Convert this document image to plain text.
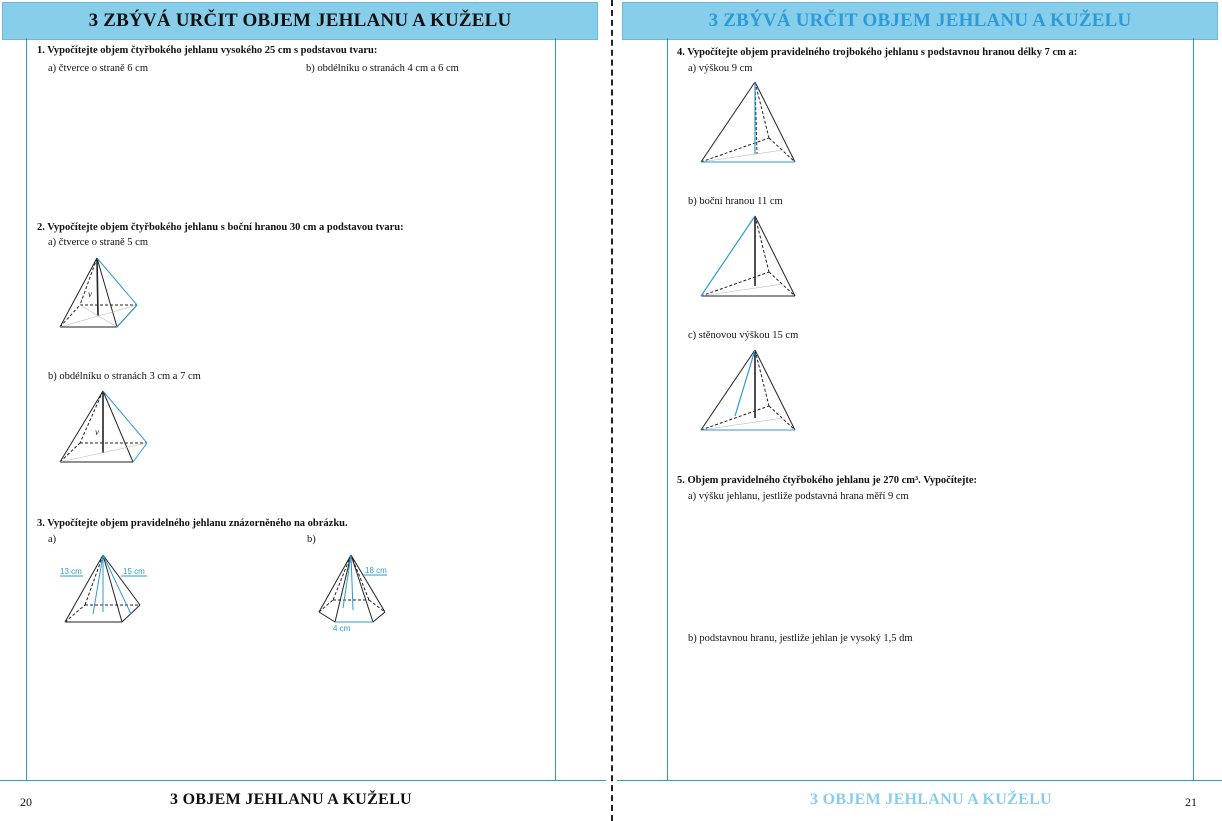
3 ZBÝVÁ URČIT OBJEM JEHLANU A KUŽELU
1. Vypočítejte objem čtyřbokého jehlanu vysokého 25 cm s podstavou tvaru:
a) čtverce o straně 6 cm	b) obdélníku o stranách 4 cm a 6 cm
2. Vypočítejte objem čtyřbokého jehlanu s boční hranou 30 cm a podstavou tvaru:
a) čtverce o straně 5 cm
v
b) obdélníku o stranách 3 cm a 7 cm
v
3. Vypočítejte objem pravidelného jehlanu znázorněného na obrázku.
a)	b)
13 cm	15 cm	18 cm
4 cm
20	3 OBJEM JEHLANU A KUŽELU
3 ZBÝVÁ URČIT OBJEM JEHLANU A KUŽELU
4. Vypočítejte objem pravidelného trojbokého jehlanu s podstavnou hranou délky 7 cm a:
a) výškou 9 cm
b) boční hranou 11 cm
c) stěnovou výškou 15 cm
5. Objem pravidelného čtyřbokého jehlanu je 270 cm³. Vypočítejte:
a) výšku jehlanu, jestliže podstavná hrana měří 9 cm
b) podstavnou hranu, jestliže jehlan je vysoký 1,5 dm
3 OBJEM JEHLANU A KUŽELU	21
